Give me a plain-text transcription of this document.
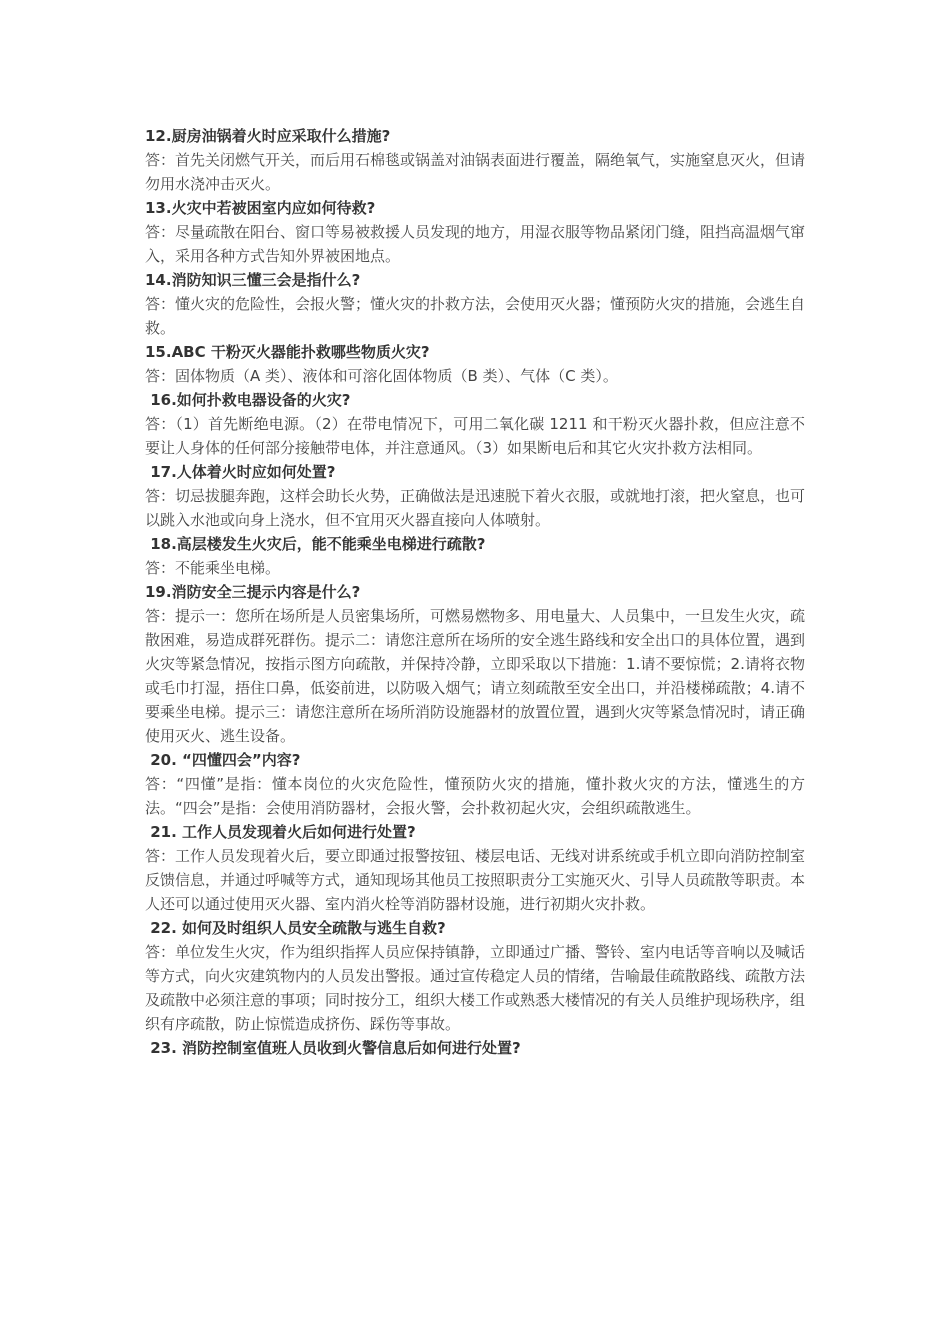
12.厨房油锅着火时应采取什么措施?
答：首先关闭燃气开关，而后用石棉毯或锅盖对油锅表面进行覆盖，隔绝氧气，实施窒息灭火，但请勿用水浇冲击灭火。
13.火灾中若被困室内应如何待救?
答：尽量疏散在阳台、窗口等易被救援人员发现的地方，用湿衣服等物品紧闭门缝，阻挡高温烟气窜入，采用各种方式告知外界被困地点。
14.消防知识三懂三会是指什么?
答：懂火灾的危险性，会报火警；懂火灾的扑救方法，会使用灭火器；懂预防火灾的措施，会逃生自救。
15.ABC 干粉灭火器能扑救哪些物质火灾?
答：固体物质（A 类）、液体和可溶化固体物质（B 类）、气体（C 类）。
16.如何扑救电器设备的火灾?
答：（1）首先断绝电源。（2）在带电情况下，可用二氧化碳 1211 和干粉灭火器扑救，但应注意不要让人身体的任何部分接触带电体，并注意通风。（3）如果断电后和其它火灾扑救方法相同。
17.人体着火时应如何处置?
答：切忌拔腿奔跑，这样会助长火势，正确做法是迅速脱下着火衣服，或就地打滚，把火窒息，也可以跳入水池或向身上浇水，但不宜用灭火器直接向人体喷射。
18.高层楼发生火灾后，能不能乘坐电梯进行疏散?
答：不能乘坐电梯。
19.消防安全三提示内容是什么?
答：提示一：您所在场所是人员密集场所，可燃易燃物多、用电量大、人员集中，一旦发生火灾，疏散困难，易造成群死群伤。提示二：请您注意所在场所的安全逃生路线和安全出口的具体位置，遇到火灾等紧急情况，按指示图方向疏散，并保持冷静，立即采取以下措施：1.请不要惊慌；2.请将衣物或毛巾打湿，捂住口鼻，低姿前进，以防吸入烟气；请立刻疏散至安全出口，并沿楼梯疏散；4.请不要乘坐电梯。提示三：请您注意所在场所消防设施器材的放置位置，遇到火灾等紧急情况时，请正确使用灭火、逃生设备。
20. “四懂四会”内容?
答：“四懂”是指：懂本岗位的火灾危险性，懂预防火灾的措施，懂扑救火灾的方法，懂逃生的方法。“四会”是指：会使用消防器材，会报火警，会扑救初起火灾，会组织疏散逃生。
21. 工作人员发现着火后如何进行处置?
答：工作人员发现着火后，要立即通过报警按钮、楼层电话、无线对讲系统或手机立即向消防控制室反馈信息，并通过呼喊等方式，通知现场其他员工按照职责分工实施灭火、引导人员疏散等职责。本人还可以通过使用灭火器、室内消火栓等消防器材设施，进行初期火灾扑救。
22. 如何及时组织人员安全疏散与逃生自救?
答：单位发生火灾，作为组织指挥人员应保持镇静，立即通过广播、警铃、室内电话等音响以及喊话等方式，向火灾建筑物内的人员发出警报。通过宣传稳定人员的情绪，告喻最佳疏散路线、疏散方法及疏散中必须注意的事项；同时按分工，组织大楼工作或熟悉大楼情况的有关人员维护现场秩序，组织有序疏散，防止惊慌造成挤伤、踩伤等事故。
23. 消防控制室值班人员收到火警信息后如何进行处置?
